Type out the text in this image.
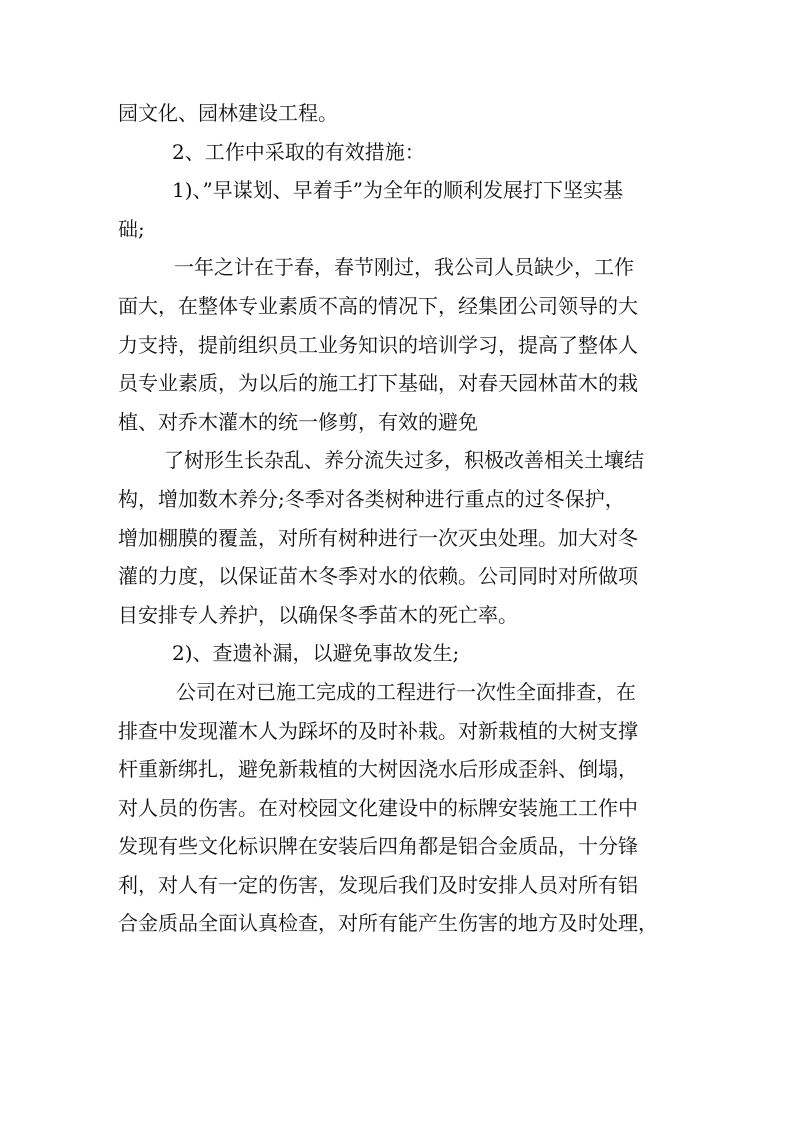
园文化、园林建设工程。
2、工作中采取的有效措施：
1)、”早谋划、早着手”为全年的顺利发展打下坚实基
础;
一年之计在于春，春节刚过，我公司人员缺少，工作
面大，在整体专业素质不高的情况下，经集团公司领导的大
力支持，提前组织员工业务知识的培训学习，提高了整体人
员专业素质，为以后的施工打下基础，对春天园林苗木的栽
植、对乔木灌木的统一修剪，有效的避免
了树形生长杂乱、养分流失过多，积极改善相关土壤结
构，增加数木养分;冬季对各类树种进行重点的过冬保护，
增加棚膜的覆盖，对所有树种进行一次灭虫处理。加大对冬
灌的力度，以保证苗木冬季对水的依赖。公司同时对所做项
目安排专人养护，以确保冬季苗木的死亡率。
2)、查遗补漏，以避免事故发生;
公司在对已施工完成的工程进行一次性全面排查，在
排查中发现灌木人为踩坏的及时补栽。对新栽植的大树支撑
杆重新绑扎，避免新栽植的大树因浇水后形成歪斜、倒塌，
对人员的伤害。在对校园文化建设中的标牌安装施工工作中
发现有些文化标识牌在安装后四角都是铝合金质品，十分锋
利，对人有一定的伤害，发现后我们及时安排人员对所有铝
合金质品全面认真检查，对所有能产生伤害的地方及时处理，
